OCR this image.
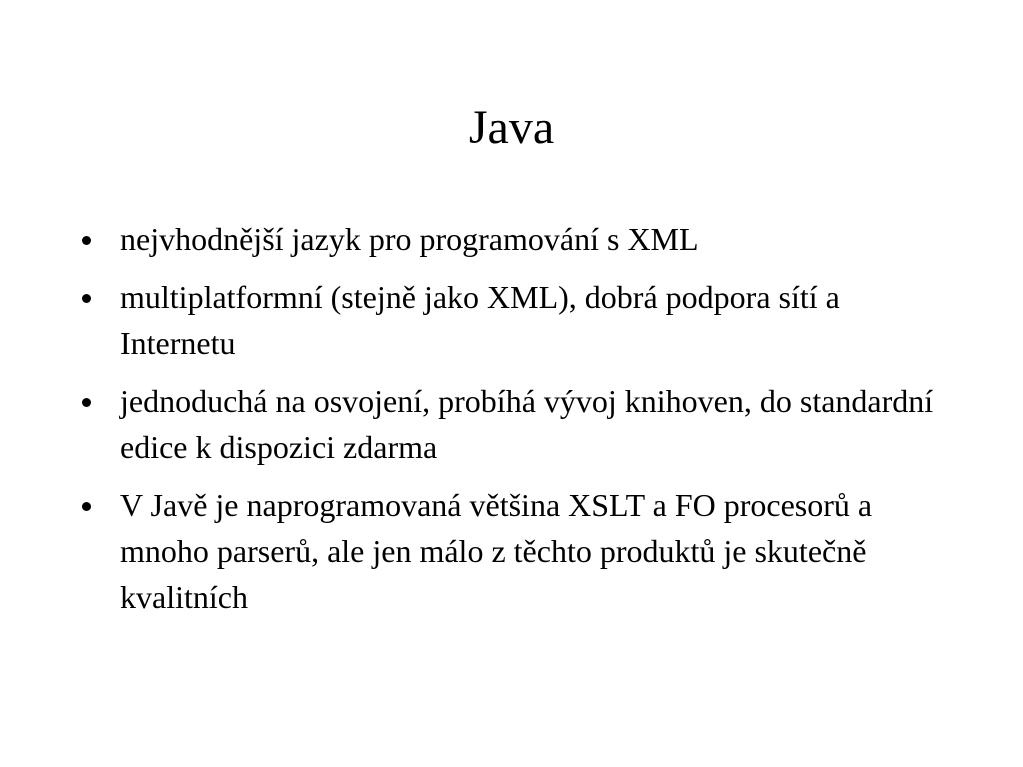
Java
nejvhodnější jazyk pro programování s XML
multiplatformní (stejně jako XML), dobrá podpora sítí a Internetu
jednoduchá na osvojení, probíhá vývoj knihoven, do standardní edice k dispozici zdarma
V Javě je naprogramovaná většina XSLT a FO procesorů a mnoho parserů, ale jen málo z těchto produktů je skutečně kvalitních
